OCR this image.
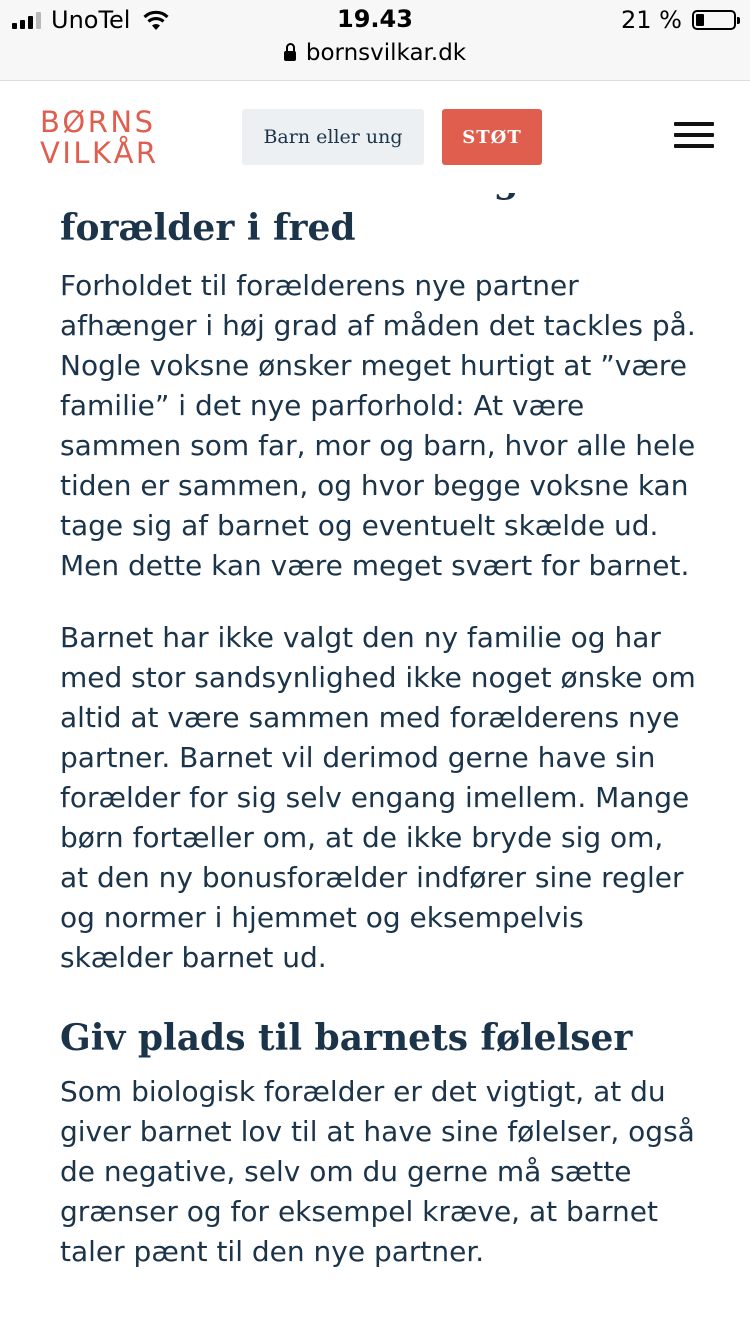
UnoTel	19.43	21 %
bornsvilkar.dk
BØRNS
VILKÅR	Barn eller ung	STØT
forælder i fred

Forholdet til forælderens nye partner afhænger i høj grad af måden det tackles på. Nogle voksne ønsker meget hurtigt at ”være familie” i det nye parforhold: At være sammen som far, mor og barn, hvor alle hele tiden er sammen, og hvor begge voksne kan tage sig af barnet og eventuelt skælde ud. Men dette kan være meget svært for barnet.

Barnet har ikke valgt den ny familie og har med stor sandsynlighed ikke noget ønske om altid at være sammen med forælderens nye partner. Barnet vil derimod gerne have sin forælder for sig selv engang imellem. Mange børn fortæller om, at de ikke bryde sig om, at den ny bonusforælder indfører sine regler og normer i hjemmet og eksempelvis skælder barnet ud.

Giv plads til barnets følelser

Som biologisk forælder er det vigtigt, at du giver barnet lov til at have sine følelser, også de negative, selv om du gerne må sætte grænser og for eksempel kræve, at barnet taler pænt til den nye partner.
